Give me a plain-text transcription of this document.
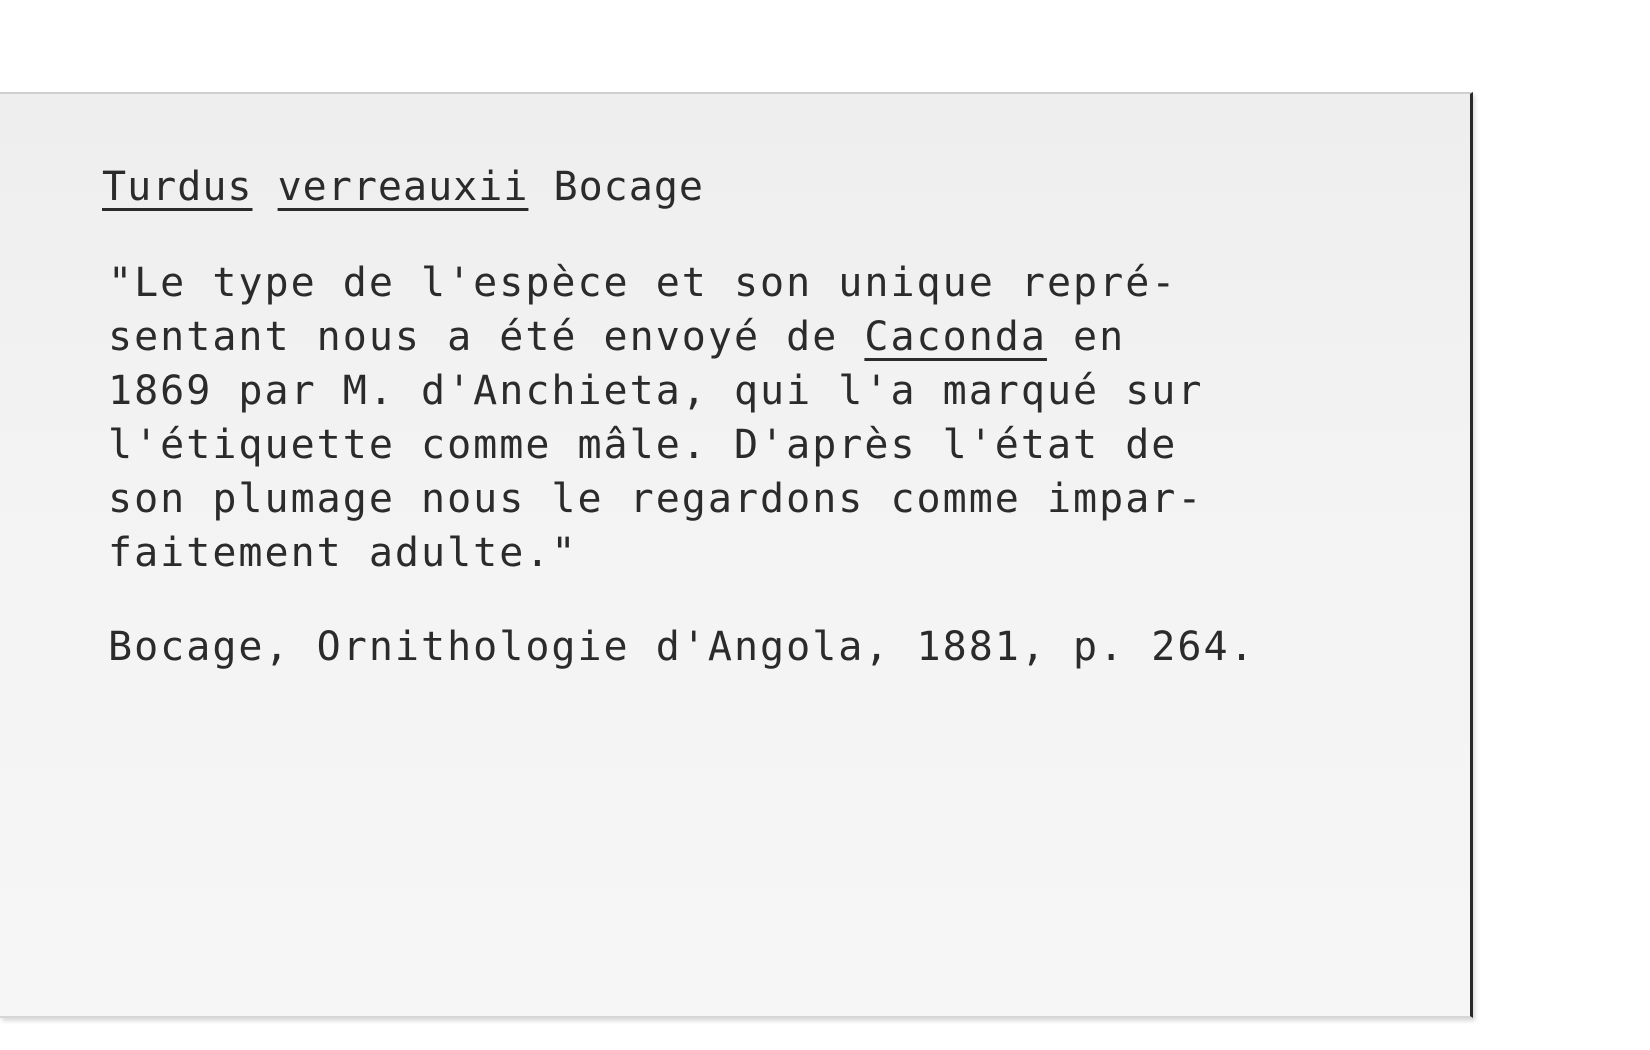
Turdus verreauxii Bocage
"Le type de l'espèce et son unique repré-
sentant nous a été envoyé de Caconda en
1869 par M. d'Anchieta, qui l'a marqué sur
l'étiquette comme mâle. D'après l'état de
son plumage nous le regardons comme impar-
faitement adulte."
Bocage, Ornithologie d'Angola, 1881, p. 264.
